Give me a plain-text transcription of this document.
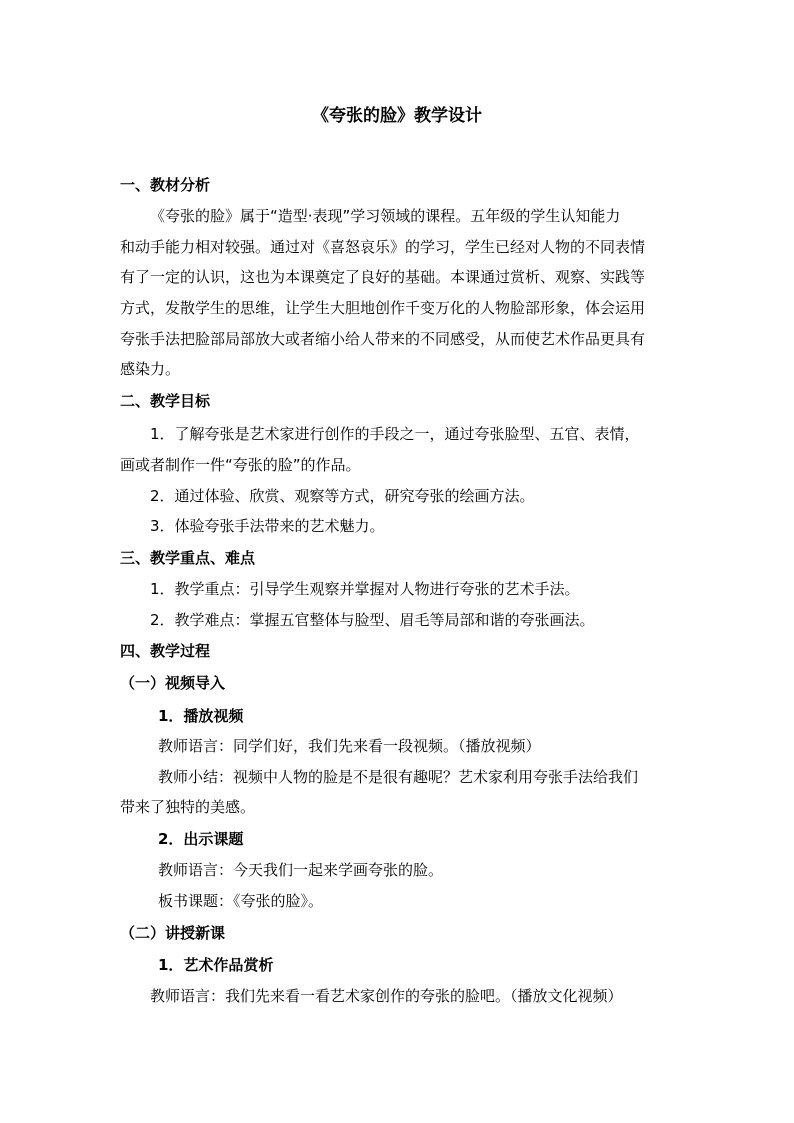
《夸张的脸》教学设计
一、教材分析
《夸张的脸》属于“造型·表现”学习领域的课程。五年级的学生认知能力
和动手能力相对较强。通过对《喜怒哀乐》的学习，学生已经对人物的不同表情
有了一定的认识，这也为本课奠定了良好的基础。本课通过赏析、观察、实践等
方式，发散学生的思维，让学生大胆地创作千变万化的人物脸部形象，体会运用
夸张手法把脸部局部放大或者缩小给人带来的不同感受，从而使艺术作品更具有
感染力。
二、教学目标
1．了解夸张是艺术家进行创作的手段之一，通过夸张脸型、五官、表情，
画或者制作一件“夸张的脸”的作品。
2．通过体验、欣赏、观察等方式，研究夸张的绘画方法。
3．体验夸张手法带来的艺术魅力。
三、教学重点、难点
1．教学重点：引导学生观察并掌握对人物进行夸张的艺术手法。
2．教学难点：掌握五官整体与脸型、眉毛等局部和谐的夸张画法。
四、教学过程
（一）视频导入
1．播放视频
教师语言：同学们好，我们先来看一段视频。（播放视频）
教师小结：视频中人物的脸是不是很有趣呢？艺术家利用夸张手法给我们
带来了独特的美感。
2．出示课题
教师语言：今天我们一起来学画夸张的脸。
板书课题：《夸张的脸》。
（二）讲授新课
1．艺术作品赏析
教师语言：我们先来看一看艺术家创作的夸张的脸吧。（播放文化视频）
